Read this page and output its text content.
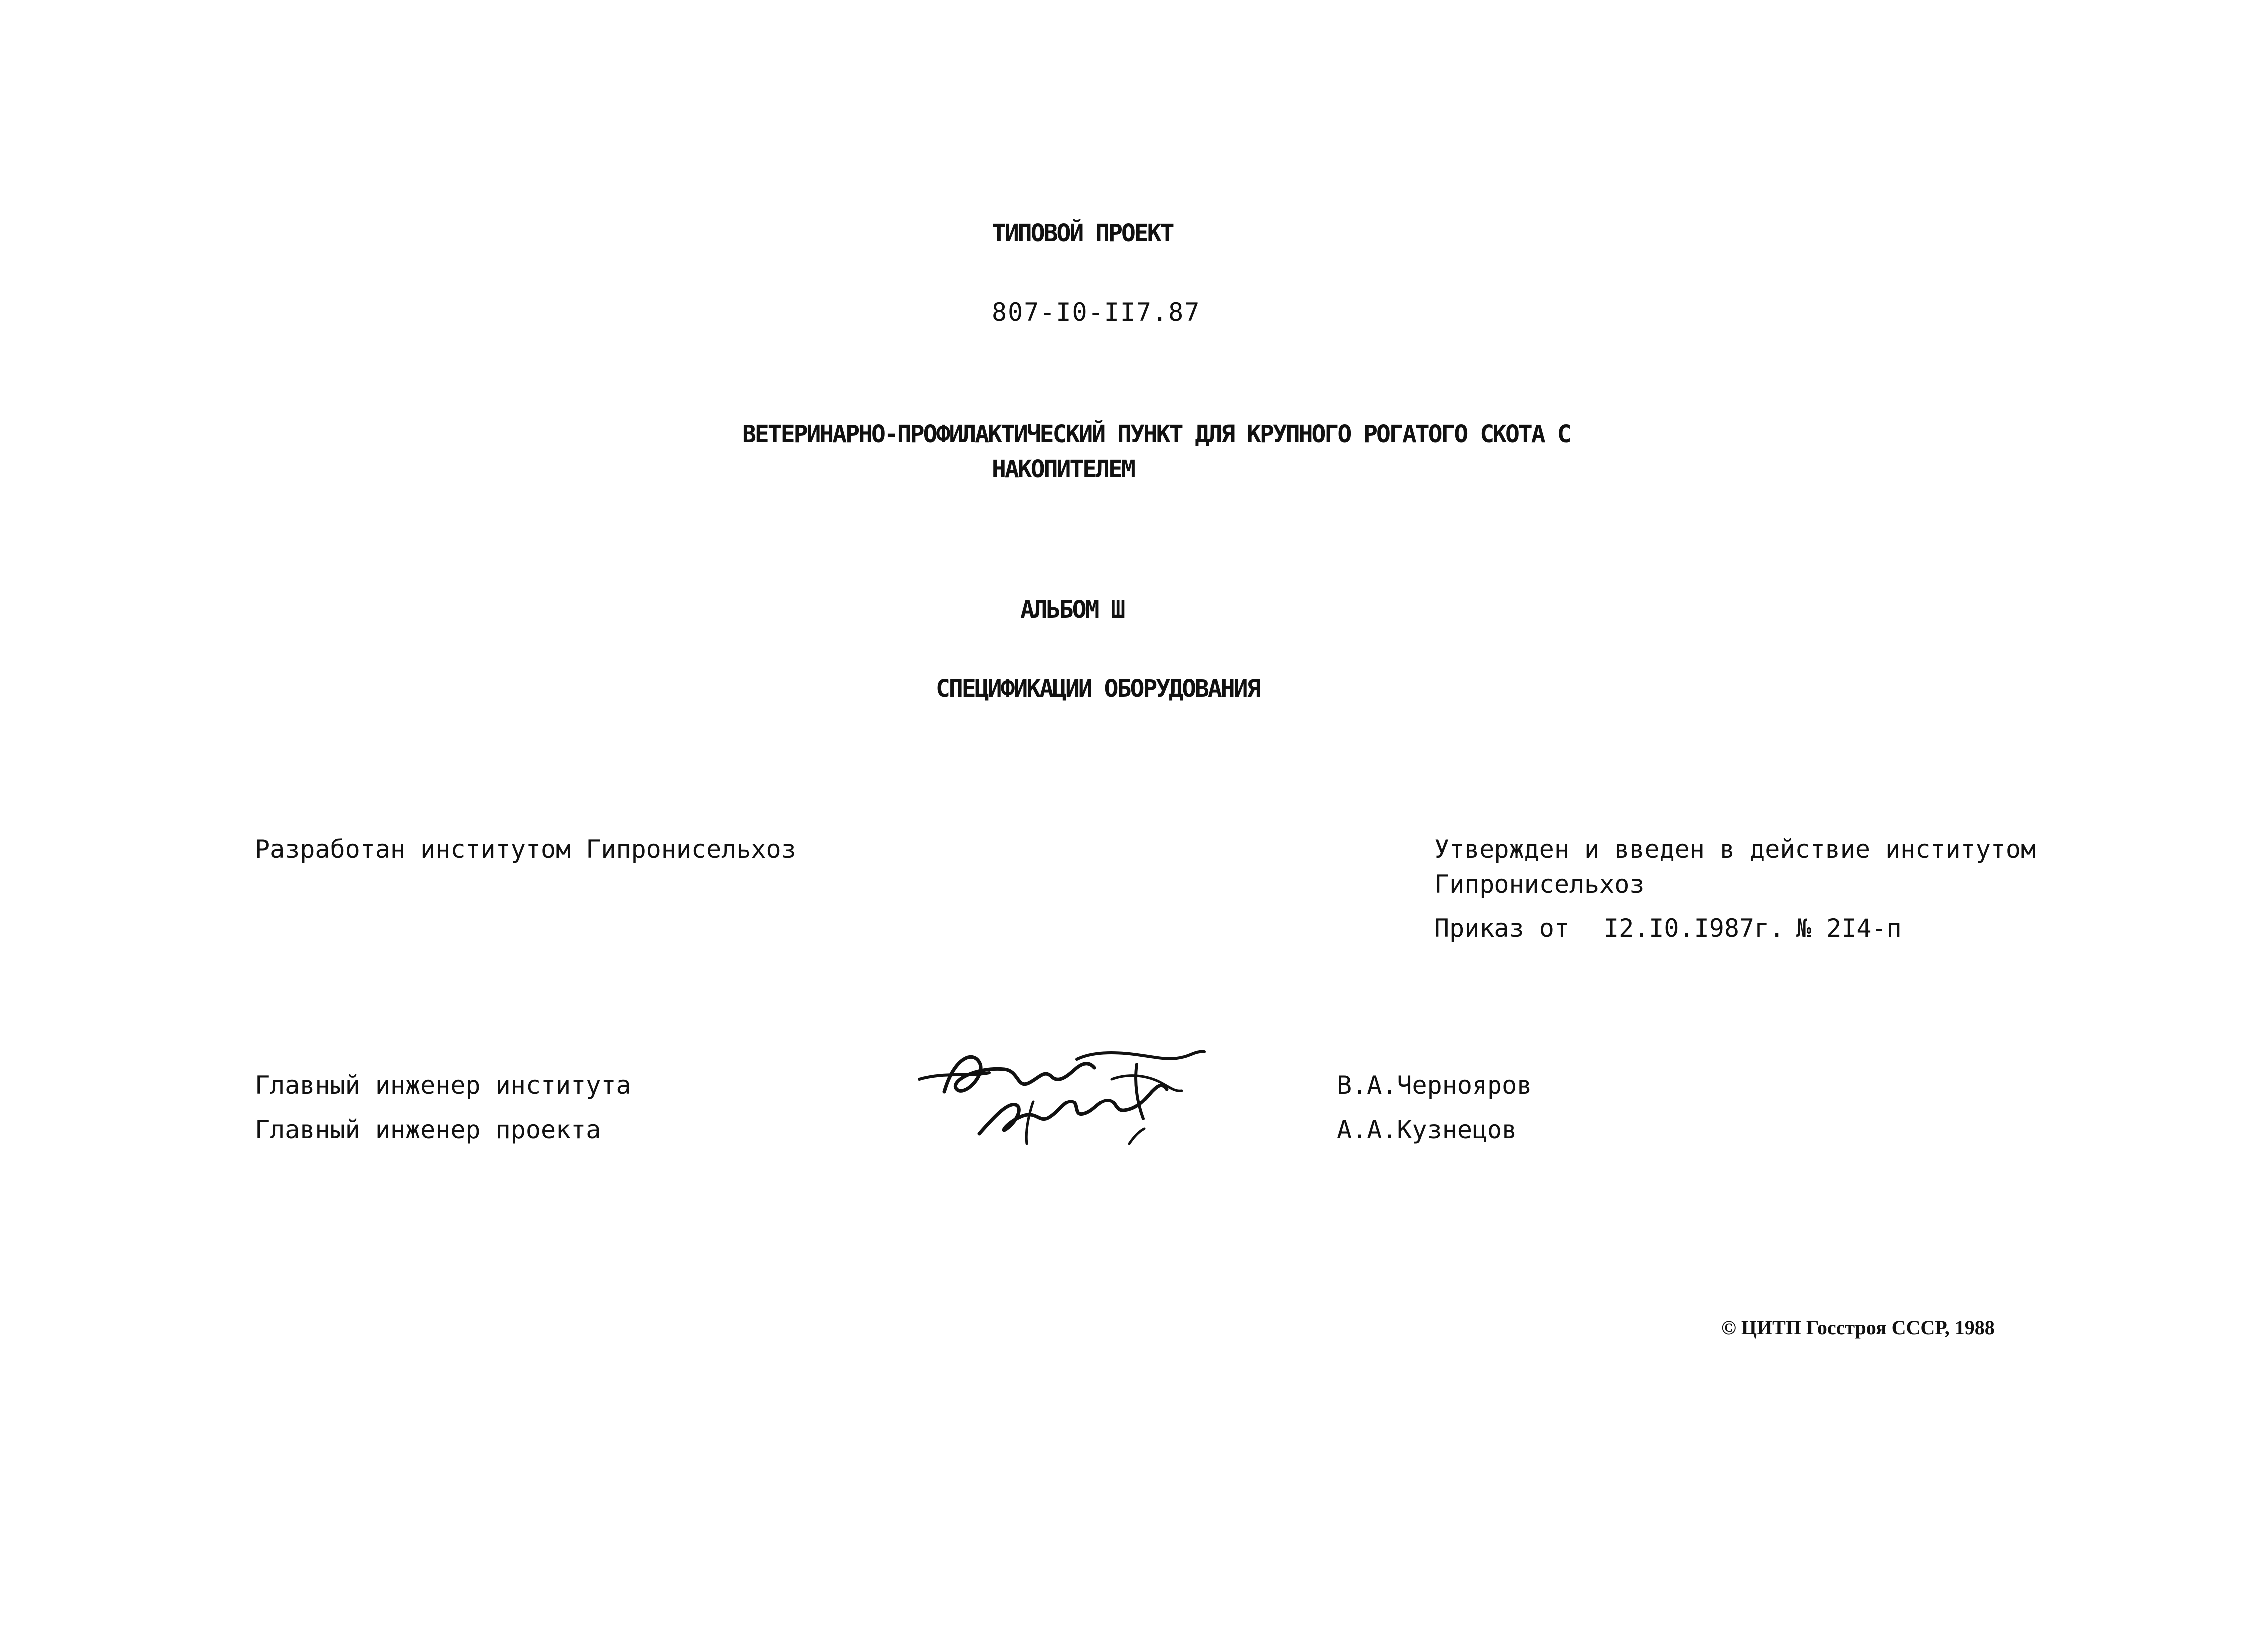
ТИПОВОЙ ПРОЕКТ
807-I0-II7.87
ВЕТЕРИНАРНО-ПРОФИЛАКТИЧЕСКИЙ ПУНКТ ДЛЯ КРУПНОГО РОГАТОГО СКОТА С
НАКОПИТЕЛЕМ
АЛЬБОМ Ш
СПЕЦИФИКАЦИИ ОБОРУДОВАНИЯ
Разработан институтом Гипронисельхоз	Утвержден и введен в действие институтом
Гипронисельхоз
Приказ от I2.I0.I987г. № 2I4-п
Главный инженер института
Главный инженер проекта
В.А.Чернояров
А.А.Кузнецов
© ЦИТП Госстроя СССР, 1988
